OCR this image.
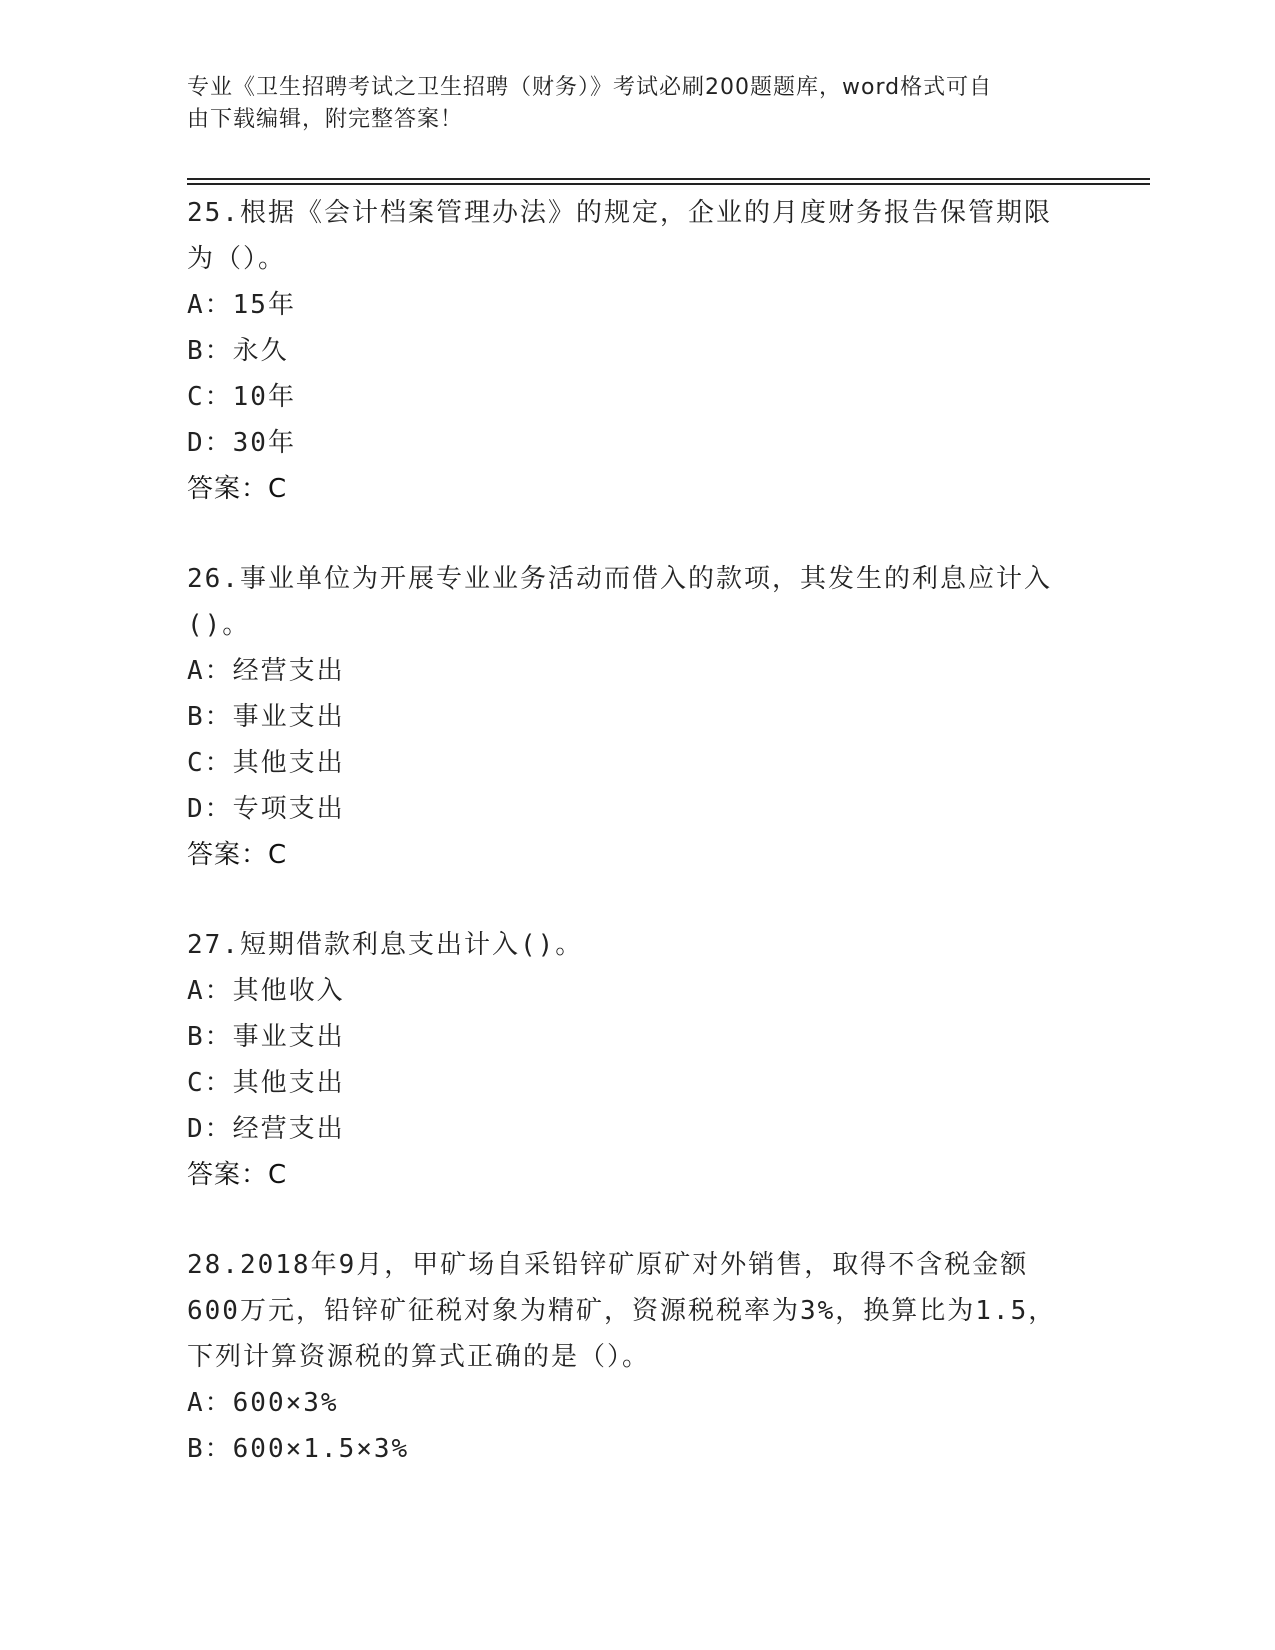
专业《卫生招聘考试之卫生招聘（财务）》考试必刷200题题库，word格式可自
由下载编辑，附完整答案！
25.根据《会计档案管理办法》的规定，企业的月度财务报告保管期限
为（）。
A：15年
B：永久
C：10年
D：30年
答案：C
26.事业单位为开展专业业务活动而借入的款项，其发生的利息应计入
()。
A：经营支出
B：事业支出
C：其他支出
D：专项支出
答案：C
27.短期借款利息支出计入()。
A：其他收入
B：事业支出
C：其他支出
D：经营支出
答案：C
28.2018年9月，甲矿场自采铅锌矿原矿对外销售，取得不含税金额
600万元，铅锌矿征税对象为精矿，资源税税率为3%，换算比为1.5，
下列计算资源税的算式正确的是（）。
A：600×3%
B：600×1.5×3%
